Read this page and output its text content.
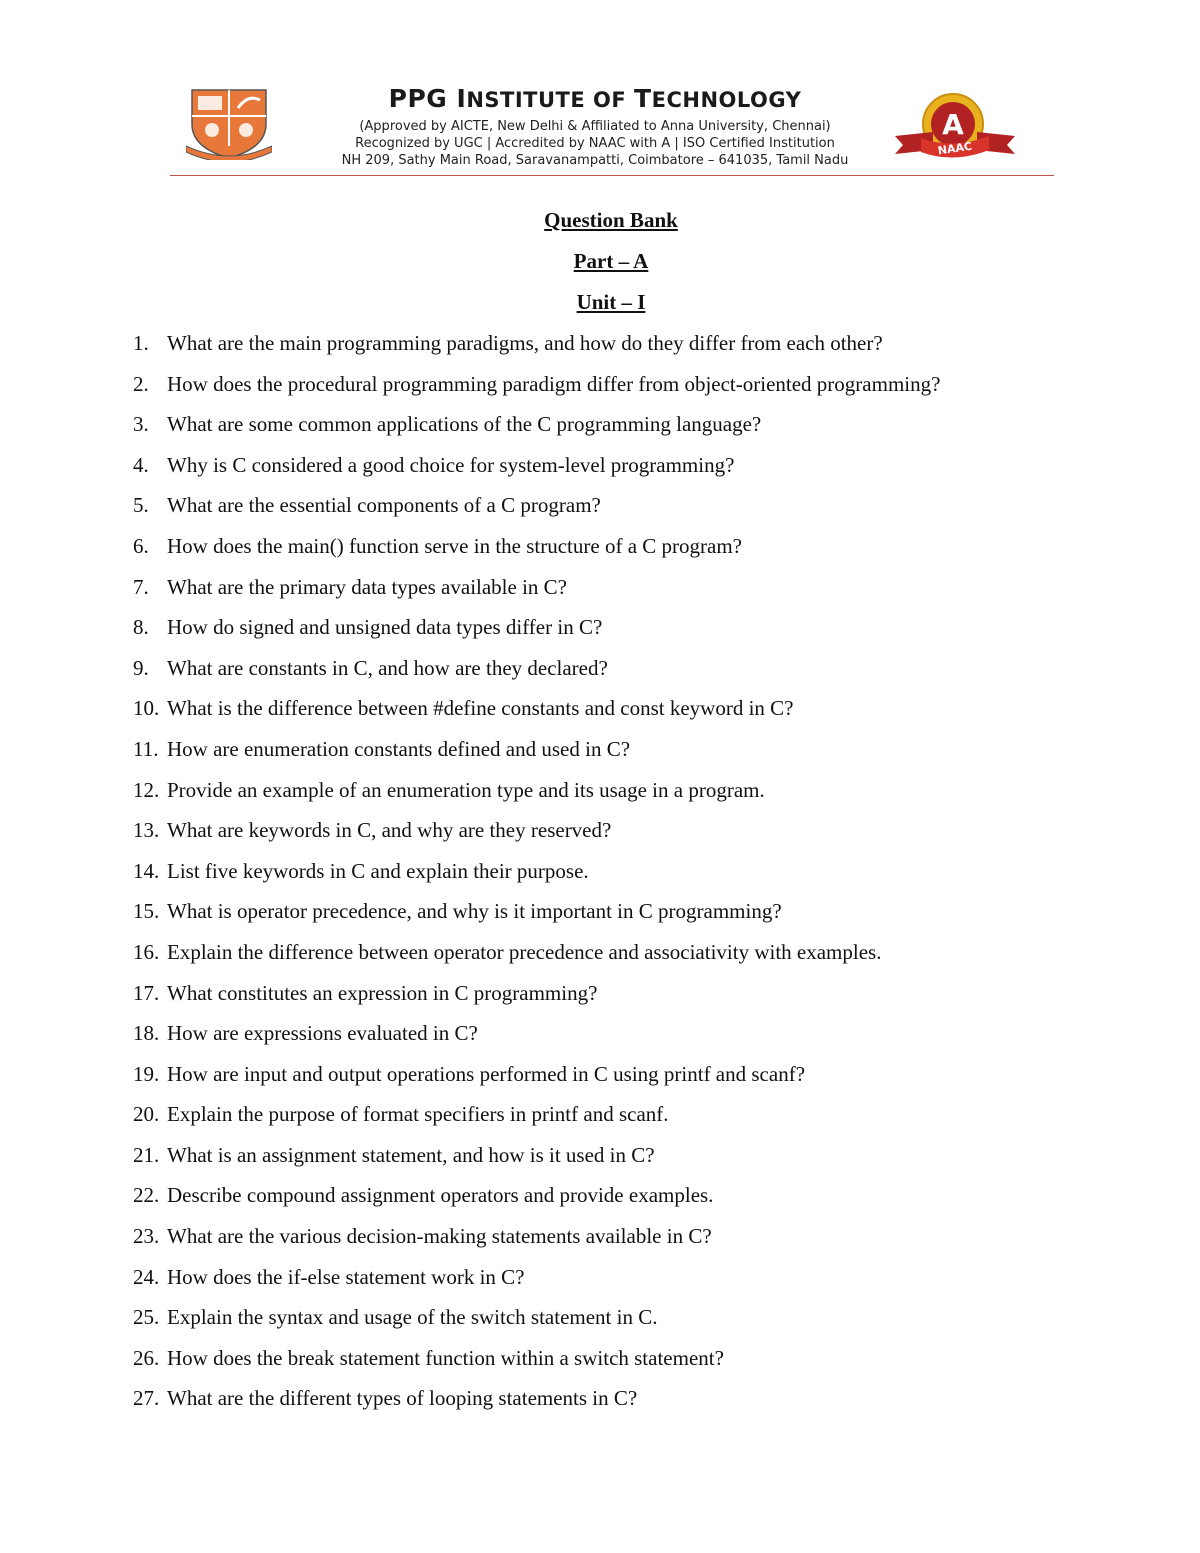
PPG INSTITUTE OF TECHNOLOGY
(Approved by AICTE, New Delhi & Affiliated to Anna University, Chennai)
Recognized by UGC | Accredited by NAAC with A | ISO Certified Institution
NH 209, Sathy Main Road, Saravanampatti, Coimbatore – 641035, Tamil Nadu
A
NAAC
Question Bank
Part – A
Unit – I
1. What are the main programming paradigms, and how do they differ from each other?
2. How does the procedural programming paradigm differ from object-oriented programming?
3. What are some common applications of the C programming language?
4. Why is C considered a good choice for system-level programming?
5. What are the essential components of a C program?
6. How does the main() function serve in the structure of a C program?
7. What are the primary data types available in C?
8. How do signed and unsigned data types differ in C?
9. What are constants in C, and how are they declared?
10. What is the difference between #define constants and const keyword in C?
11. How are enumeration constants defined and used in C?
12. Provide an example of an enumeration type and its usage in a program.
13. What are keywords in C, and why are they reserved?
14. List five keywords in C and explain their purpose.
15. What is operator precedence, and why is it important in C programming?
16. Explain the difference between operator precedence and associativity with examples.
17. What constitutes an expression in C programming?
18. How are expressions evaluated in C?
19. How are input and output operations performed in C using printf and scanf?
20. Explain the purpose of format specifiers in printf and scanf.
21. What is an assignment statement, and how is it used in C?
22. Describe compound assignment operators and provide examples.
23. What are the various decision-making statements available in C?
24. How does the if-else statement work in C?
25. Explain the syntax and usage of the switch statement in C.
26. How does the break statement function within a switch statement?
27. What are the different types of looping statements in C?
